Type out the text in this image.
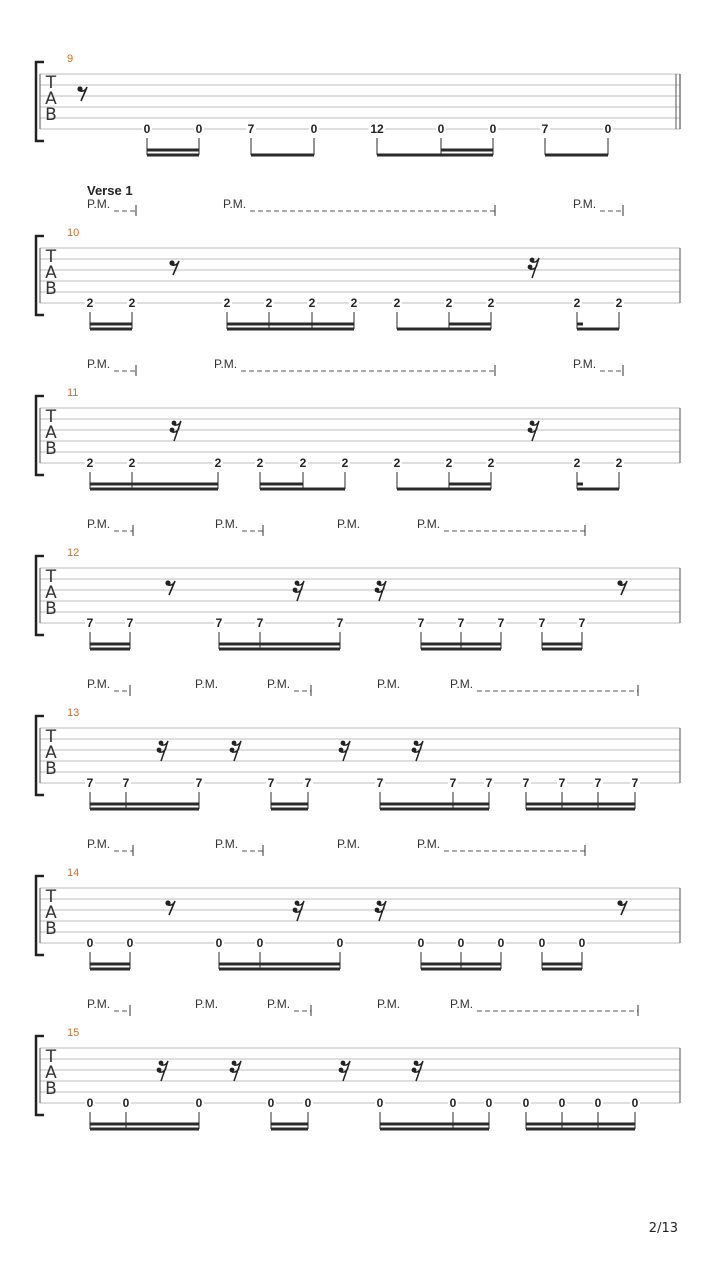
T
A
B
9
0	0	7	0	12	0	0	7	0
T
A
B
10
Verse 1
P.M.	P.M.	P.M.
2	2	2	2	2	2	2	2	2	2	2
T
A
B
11
P.M.	P.M.	P.M.
2	2	2	2	2	2	2	2	2	2	2
T
A
B
12
P.M.	P.M.	P.M.	P.M.
7	7	7	7	7	7	7	7	7	7
T
A
B
13
P.M.	P.M.	P.M.	P.M.	P.M.
7 7	7	7	7	7	7 7	7 7 7	7
T
A
B
14
P.M.	P.M.	P.M.	P.M.
0	0	0	0	0	0	0	0	0	0
T
A
B
15
P.M.	P.M.	P.M.	P.M.	P.M.
0 0	0	0	0	0	0 0	0 0 0	0
2/13
